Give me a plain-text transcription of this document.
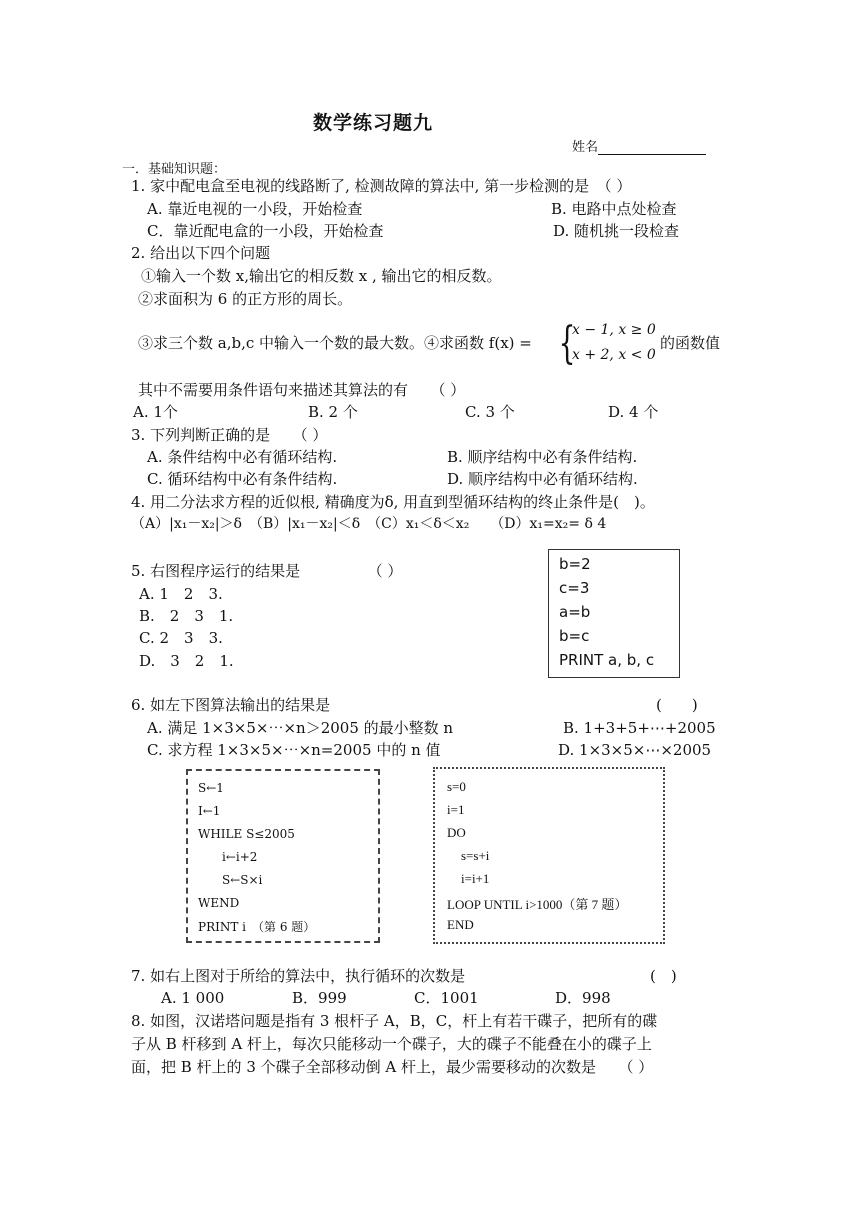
数学练习题九
姓名
一．基础知识题：
1. 家中配电盒至电视的线路断了, 检测故障的算法中, 第一步检测的是　（ ）
A. 靠近电视的一小段，开始检查	B. 电路中点处检查
C．靠近配电盒的一小段，开始检查	D. 随机挑一段检查
2. 给出以下四个问题
①输入一个数 x,输出它的相反数 x , 输出它的相反数。
②求面积为 6 的正方形的周长。
③求三个数 a,b,c 中输入一个数的最大数。④求函数 f(x) = {
x − 1, x ≥ 0
x + 2, x < 0
的函数值
其中不需要用条件语句来描述其算法的有　　（ ）
A. 1个	B. 2 个	C. 3 个	D. 4 个
3. 下列判断正确的是　　（ ）
A. 条件结构中必有循环结构.	B. 顺序结构中必有条件结构.
C. 循环结构中必有条件结构.	D. 顺序结构中必有循环结构.
4. 用二分法求方程的近似根, 精确度为δ, 用直到型循环结构的终止条件是(　)。
（A）|x₁－x₂|＞δ　（B）|x₁－x₂|＜δ　（C）x₁＜δ＜x₂　　（D）x₁=x₂= δ 4
5. 右图程序运行的结果是　　　　　（ ）
A. 1　2　3.
B.　2　3　1.
C. 2　3　3.
D.　3　2　1.
b=2
c=3
a=b
b=c
PRINT a, b, c
6. 如左下图算法输出的结果是	(　　)
A. 满足 1×3×5×⋯×n＞2005 的最小整数 n	B. 1+3+5+⋯+2005
C. 求方程 1×3×5×⋯×n=2005 中的 n 值	D. 1×3×5×⋯×2005
S←1
I←1
WHILE S≤2005
i←i+2
S←S×i
WEND
PRINT i　（第 6 题）
s=0
i=1
DO
s=s+i
i=i+1
LOOP UNTIL i>1000（第 7 题）
END
7. 如右上图对于所给的算法中，执行循环的次数是	(　)
A. 1 000	B．999	C．1001	D．998
8. 如图，汉诺塔问题是指有 3 根杆子 A，B，C，杆上有若干碟子，把所有的碟
子从 B 杆移到 A 杆上，每次只能移动一个碟子，大的碟子不能叠在小的碟子上
面，把 B 杆上的 3 个碟子全部移动倒 A 杆上，最少需要移动的次数是　　（ ）
